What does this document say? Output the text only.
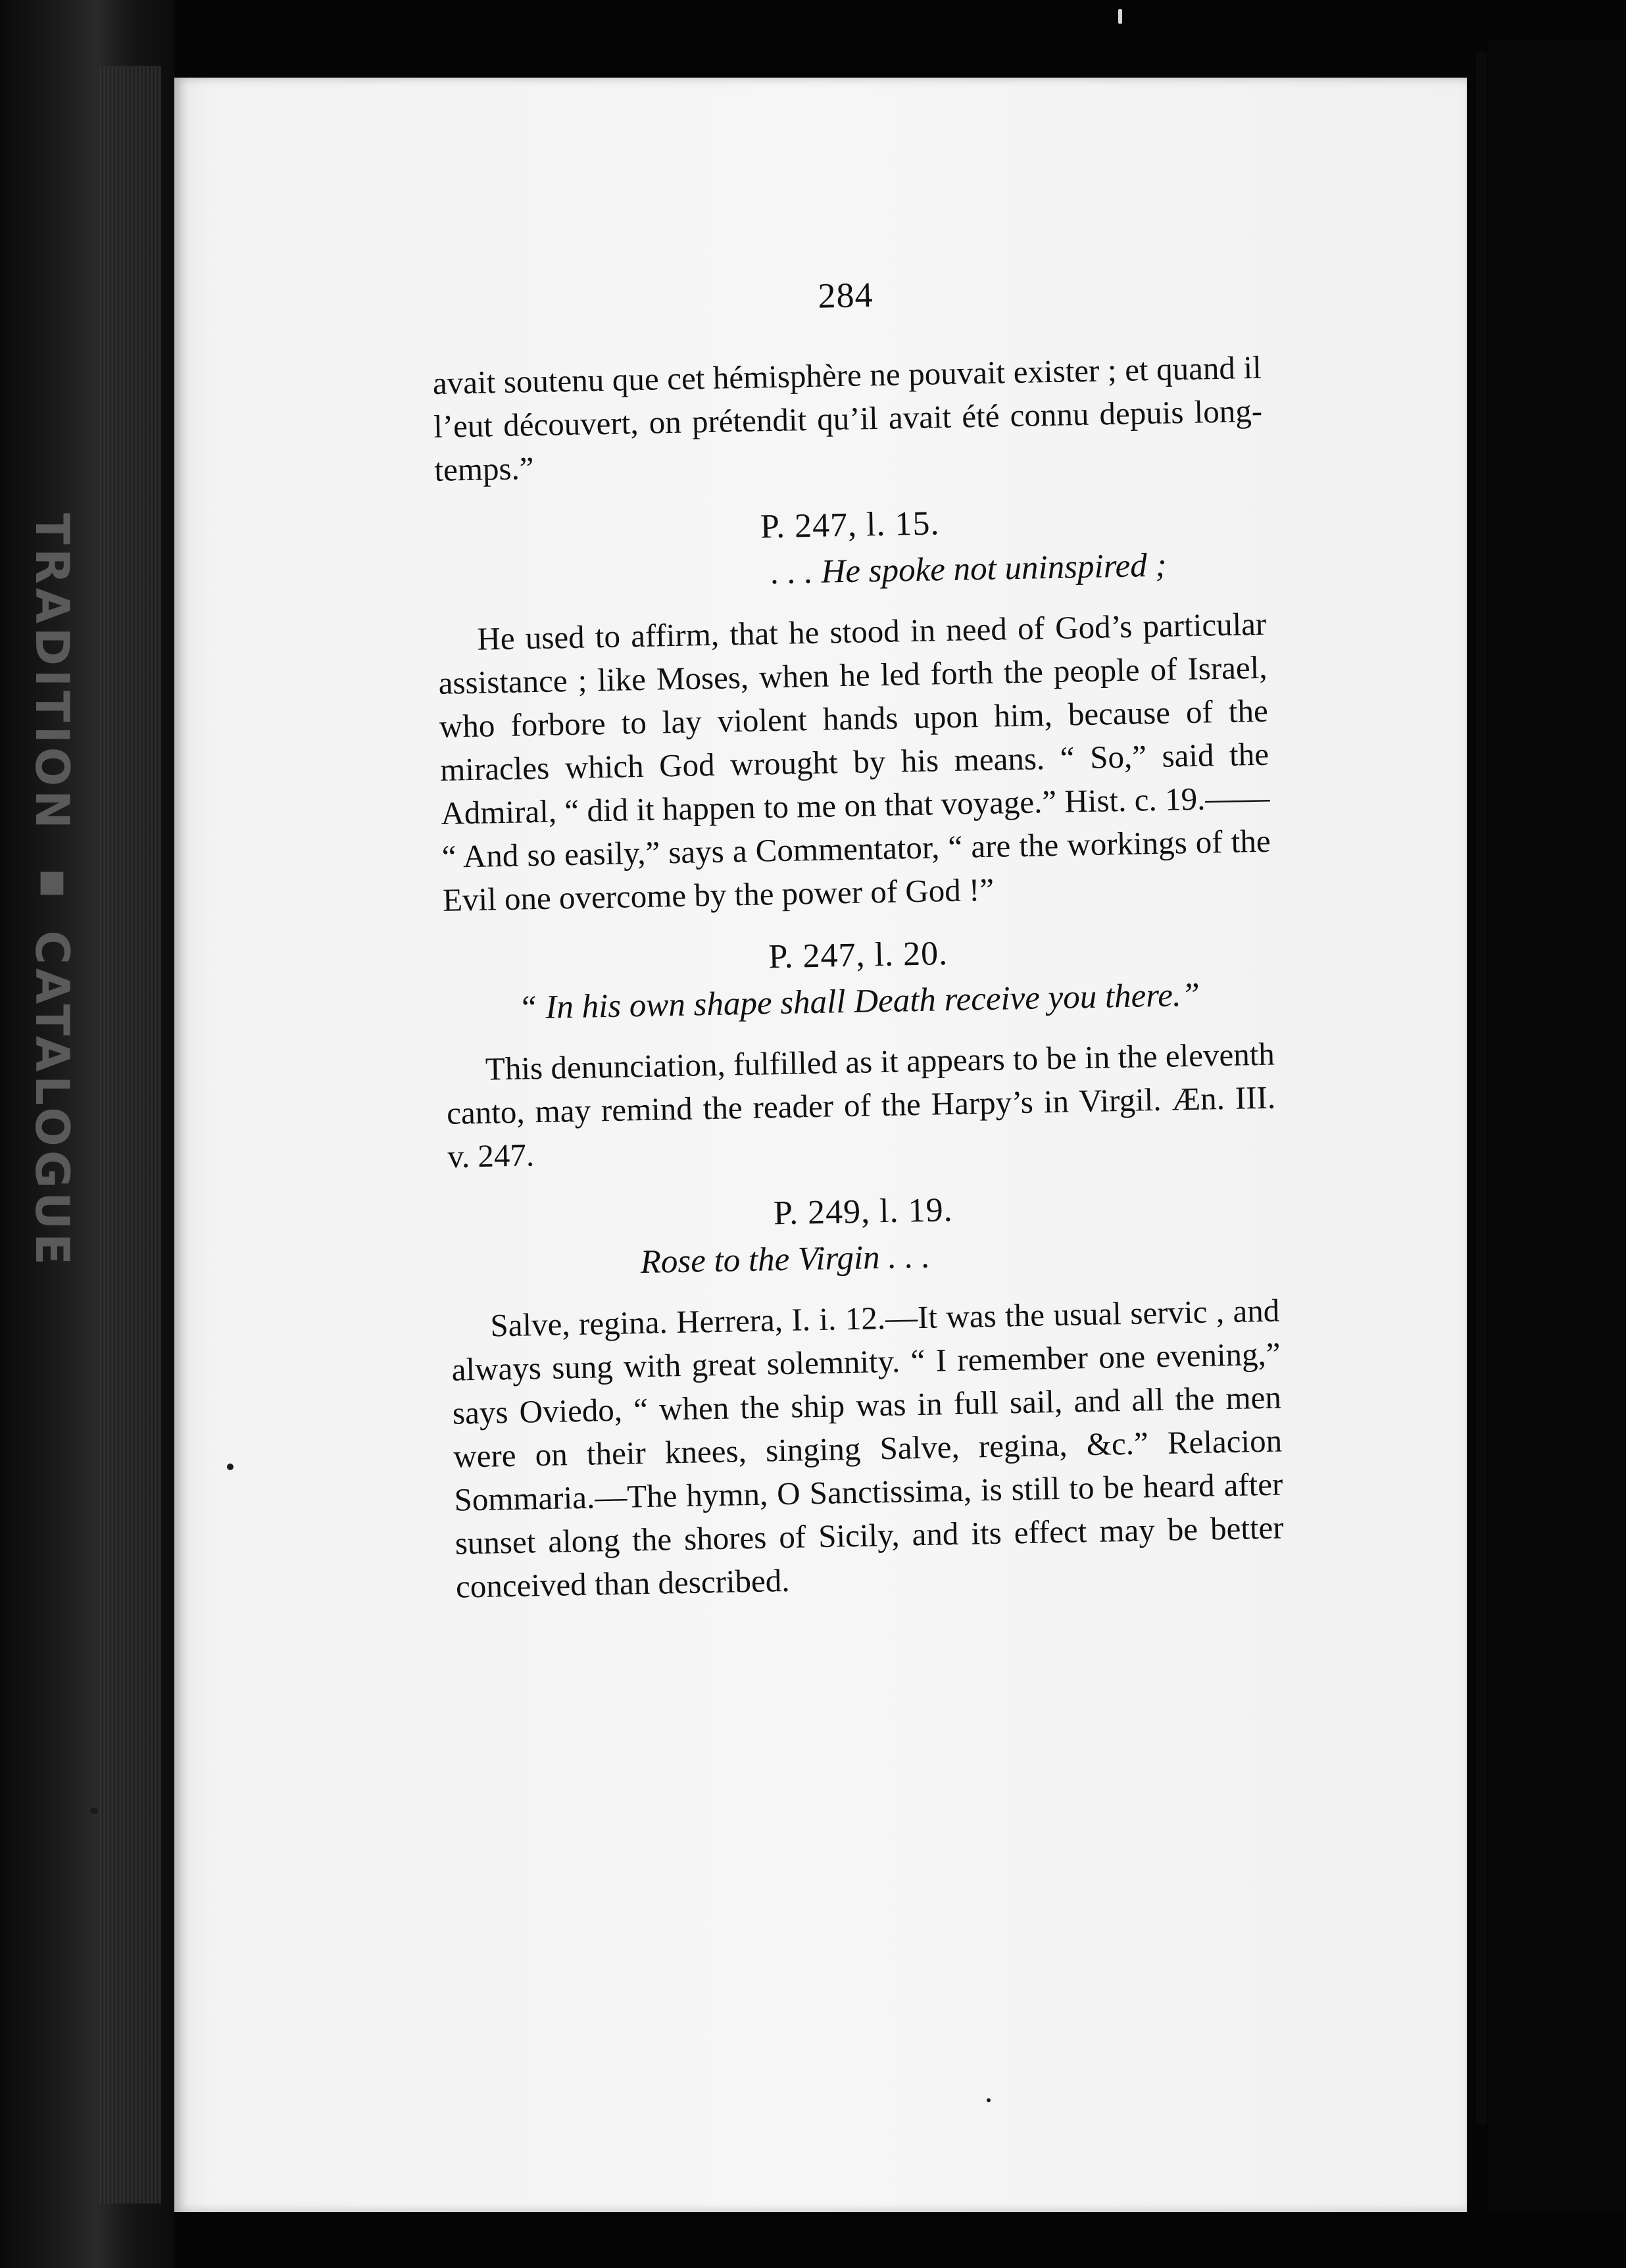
TRADITION ▪ CATALOGUE
284

avait soutenu que cet hémisphère ne pouvait exister ; et quand il l’eut découvert, on prétendit qu’il avait été connu depuis long-temps.”

P. 247, l. 15.
. . . He spoke not uninspired ;

He used to affirm, that he stood in need of God’s particular assistance ; like Moses, when he led forth the people of Israel, who forbore to lay violent hands upon him, because of the miracles which God wrought by his means. “ So,” said the Admiral, “ did it happen to me on that voyage.” Hist. c. 19.—— “ And so easily,” says a Commentator, “ are the workings of the Evil one overcome by the power of God !”

P. 247, l. 20.
“ In his own shape shall Death receive you there.”

This denunciation, fulfilled as it appears to be in the eleventh canto, may remind the reader of the Harpy’s in Virgil. Æn. III. v. 247.

P. 249, l. 19.
Rose to the Virgin . . .

Salve, regina. Herrera, I. i. 12.—It was the usual servic , and always sung with great solemnity. “ I remember one evening,” says Oviedo, “ when the ship was in full sail, and all the men were on their knees, singing Salve, regina, &c.” Relacion Sommaria.—The hymn, O Sanctissima, is still to be heard after sunset along the shores of Sicily, and its effect may be better conceived than described.
